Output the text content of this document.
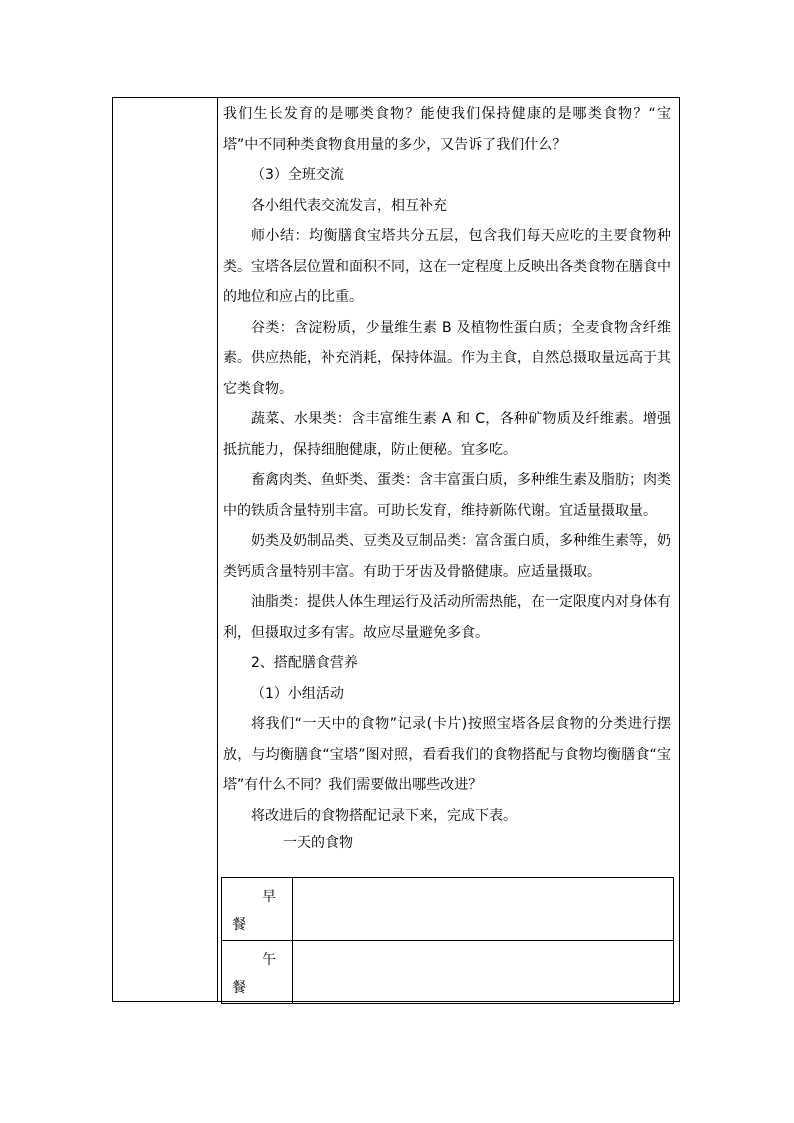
我们生长发育的是哪类食物？能使我们保持健康的是哪类食物？“宝塔”中不同种类食物食用量的多少，又告诉了我们什么？

（3）全班交流

各小组代表交流发言，相互补充

师小结：均衡膳食宝塔共分五层，包含我们每天应吃的主要食物种类。宝塔各层位置和面积不同，这在一定程度上反映出各类食物在膳食中的地位和应占的比重。

谷类：含淀粉质，少量维生素 B 及植物性蛋白质；全麦食物含纤维素。供应热能，补充消耗，保持体温。作为主食，自然总摄取量远高于其它类食物。

蔬菜、水果类：含丰富维生素 A 和 C，各种矿物质及纤维素。增强抵抗能力，保持细胞健康，防止便秘。宜多吃。

畜禽肉类、鱼虾类、蛋类：含丰富蛋白质，多种维生素及脂肪；肉类中的铁质含量特别丰富。可助长发育，维持新陈代谢。宜适量摄取量。

奶类及奶制品类、豆类及豆制品类：富含蛋白质，多种维生素等，奶类钙质含量特别丰富。有助于牙齿及骨骼健康。应适量摄取。

油脂类：提供人体生理运行及活动所需热能，在一定限度内对身体有利，但摄取过多有害。故应尽量避免多食。

2、搭配膳食营养

（1）小组活动

将我们“一天中的食物”记录(卡片)按照宝塔各层食物的分类进行摆放，与均衡膳食“宝塔”图对照，看看我们的食物搭配与食物均衡膳食“宝塔”有什么不同？我们需要做出哪些改进？

将改进后的食物搭配记录下来，完成下表。

一天的食物

早
餐	

午
餐	
